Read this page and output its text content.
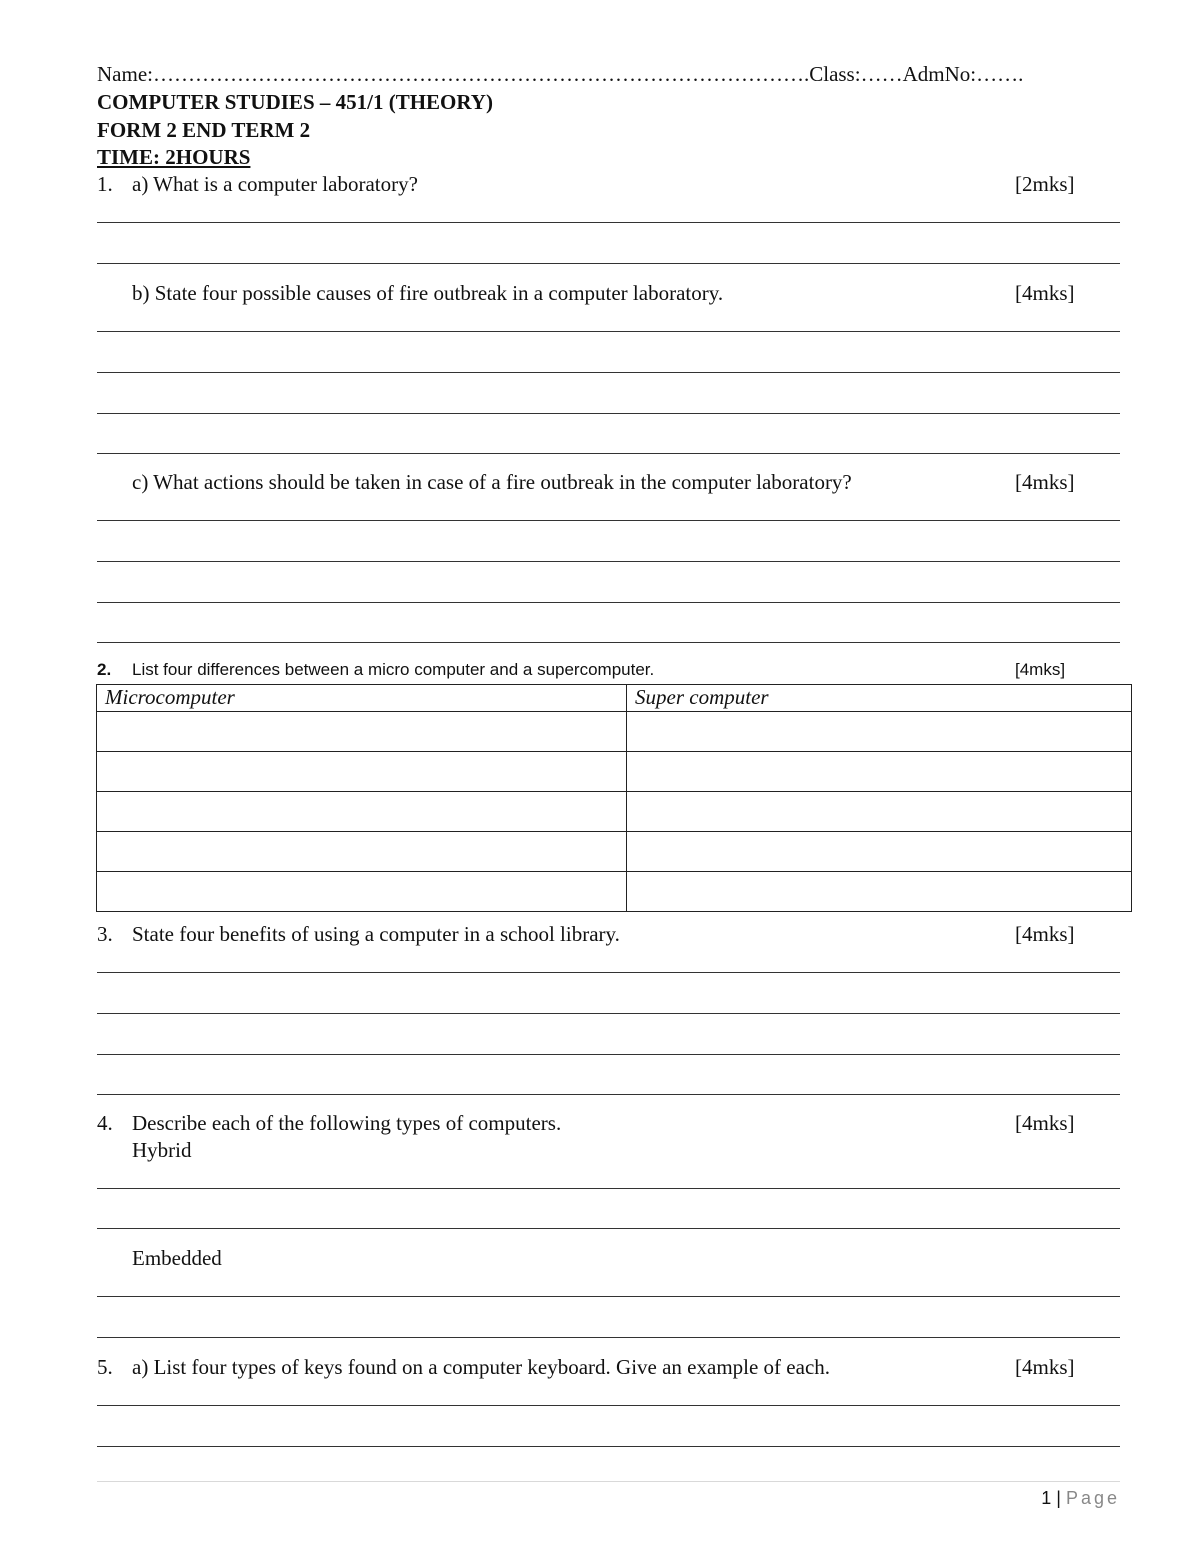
Name:………………………………………………………………………………….Class:……AdmNo:…….
COMPUTER STUDIES – 451/1 (THEORY)
FORM 2 END TERM 2
TIME: 2HOURS
1. a) What is a computer laboratory?	[2mks]
b) State four possible causes of fire outbreak in a computer laboratory.	[4mks]
c) What actions should be taken in case of a fire outbreak in the computer laboratory?	[4mks]
2. List four differences between a micro computer and a supercomputer.	[4mks]
Microcomputer	Super computer

3. State four benefits of using a computer in a school library.	[4mks]
4. Describe each of the following types of computers.	[4mks]
Hybrid
Embedded
5. a) List four types of keys found on a computer keyboard. Give an example of each.	[4mks]
1 | Page
